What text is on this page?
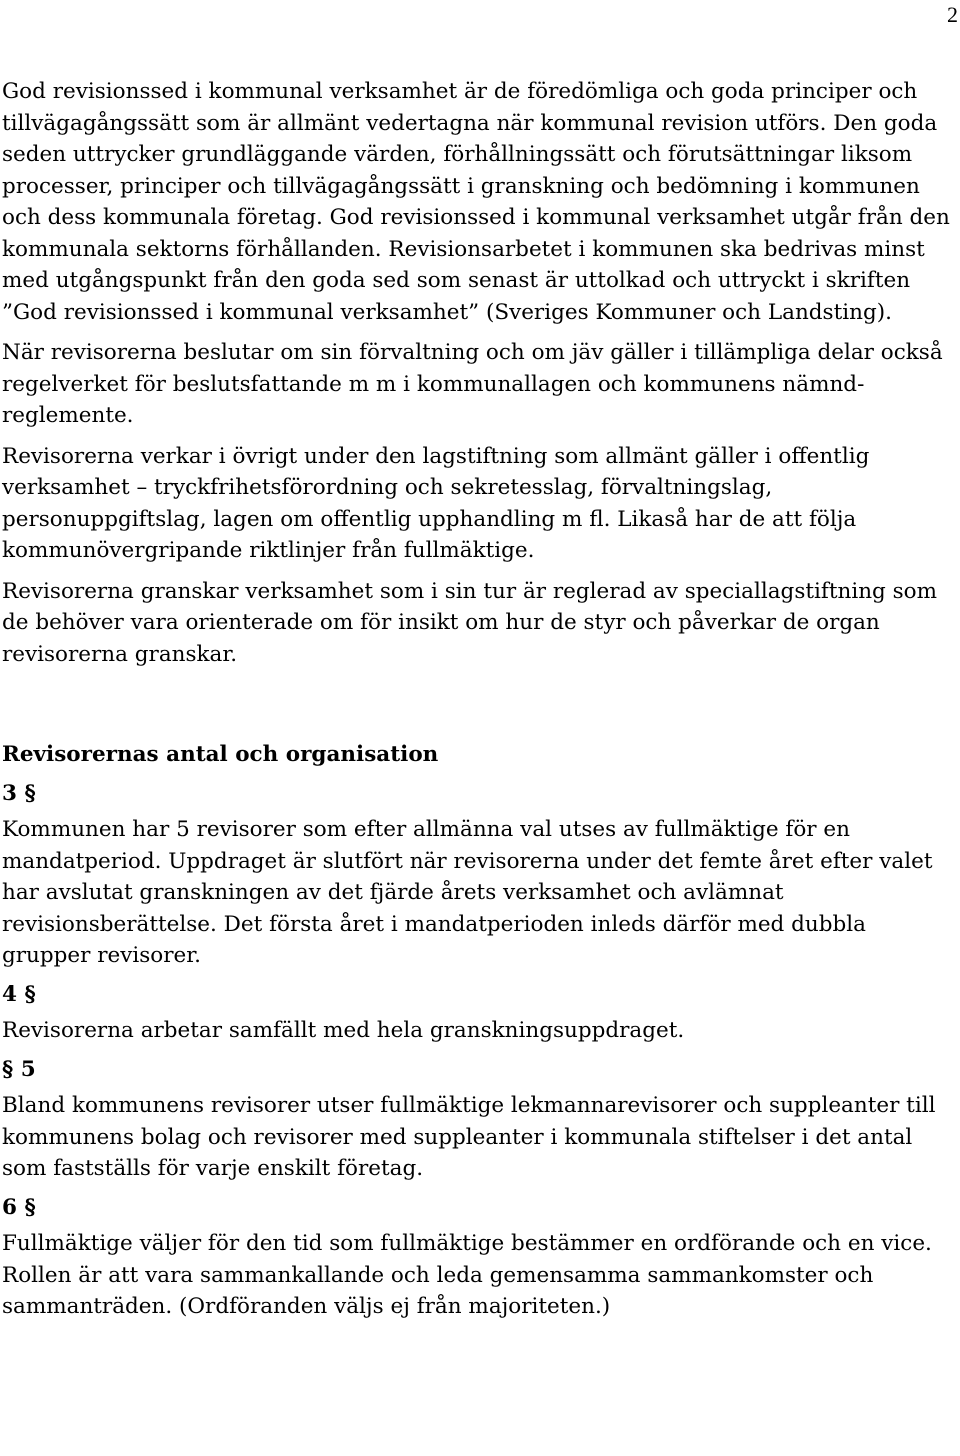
2

God revisionssed i kommunal verksamhet är de föredömliga och goda principer och tillvägagångssätt som är allmänt vedertagna när kommunal revision utförs. Den goda seden uttrycker grundläggande värden, förhållningssätt och förutsättningar liksom processer, principer och tillvägagångssätt i granskning och bedömning i kommunen och dess kommunala företag. God revisionssed i kommunal verksamhet utgår från den kommunala sektorns förhållanden. Revisionsarbetet i kommunen ska bedrivas minst med utgångspunkt från den goda sed som senast är uttolkad och uttryckt i skriften ”God revisionssed i kommunal verksamhet” (Sveriges Kommuner och Landsting).

När revisorerna beslutar om sin förvaltning och om jäv gäller i tillämpliga delar också regelverket för beslutsfattande m m i kommunallagen och kommunens nämnd- reglemente.

Revisorerna verkar i övrigt under den lagstiftning som allmänt gäller i offentlig verksamhet – tryckfrihetsförordning och sekretesslag, förvaltningslag, personuppgiftslag, lagen om offentlig upphandling m fl. Likaså har de att följa kommunövergripande riktlinjer från fullmäktige.

Revisorerna granskar verksamhet som i sin tur är reglerad av speciallagstiftning som de behöver vara orienterade om för insikt om hur de styr och påverkar de organ revisorerna granskar.

Revisorernas antal och organisation
3 §

Kommunen har 5 revisorer som efter allmänna val utses av fullmäktige för en mandatperiod. Uppdraget är slutfört när revisorerna under det femte året efter valet har avslutat granskningen av det fjärde årets verksamhet och avlämnat revisionsberättelse. Det första året i mandatperioden inleds därför med dubbla grupper revisorer.

4 §

Revisorerna arbetar samfällt med hela granskningsuppdraget.

§ 5

Bland kommunens revisorer utser fullmäktige lekmannarevisorer och suppleanter till kommunens bolag och revisorer med suppleanter i kommunala stiftelser i det antal som fastställs för varje enskilt företag.

6 §

Fullmäktige väljer för den tid som fullmäktige bestämmer en ordförande och en vice. Rollen är att vara sammankallande och leda gemensamma sammankomster och sammanträden. (Ordföranden väljs ej från majoriteten.)
